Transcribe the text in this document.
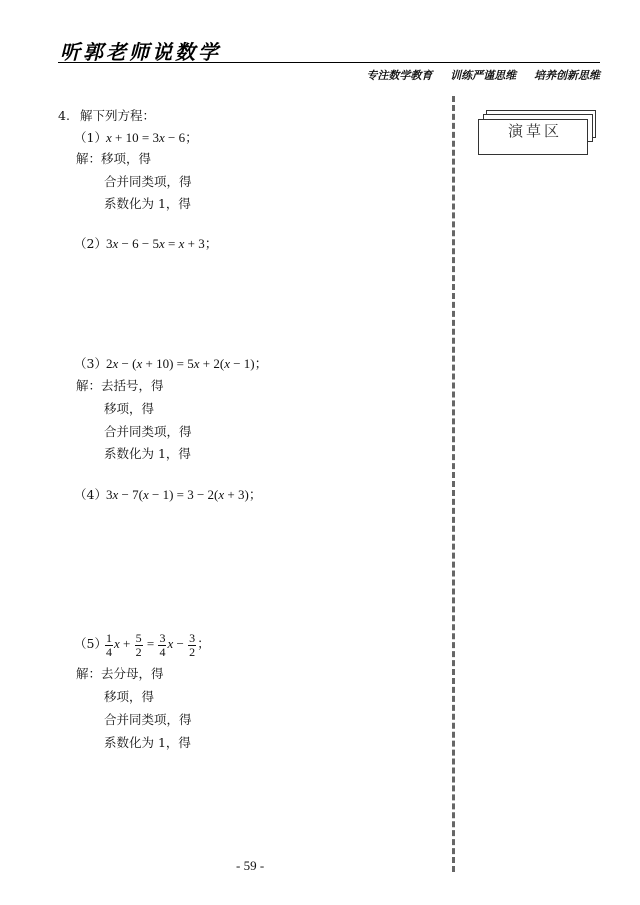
听郭老师说数学
专注数学教育 训练严谨思维 培养创新思维
演草区
4. 解下列方程：
（1） x + 10 = 3x − 6；
解：移项，得
合并同类项，得
系数化为 1，得
（2） 3x − 6 − 5x = x + 3；
（3） 2x − (x + 10) = 5x + 2(x − 1)；
解：去括号，得
移项，得
合并同类项，得
系数化为 1，得
（4） 3x − 7(x − 1) = 3 − 2(x + 3)；
（5）
$\frac{1}{4}$ $x + \frac{5}{2} = \frac{3}{4}$ $x - \frac{3}{2}$ ；
解：去分母，得
移项，得
合并同类项，得
系数化为 1，得
- 59 -
